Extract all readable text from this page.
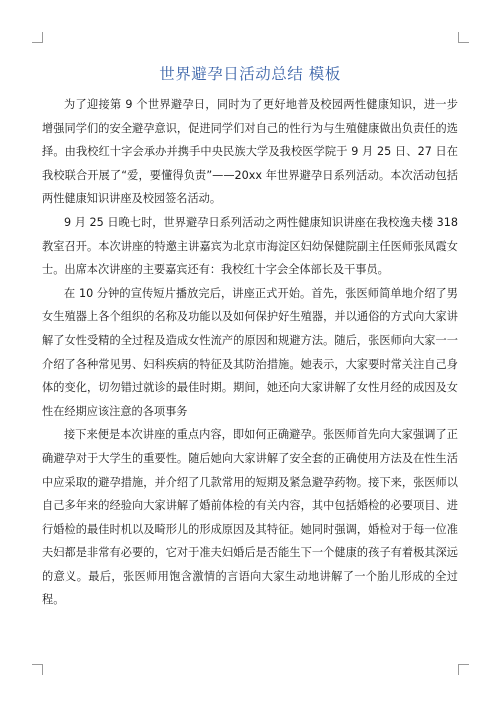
世界避孕日活动总结 模板

为了迎接第 9 个世界避孕日，同时为了更好地普及校园两性健康知识，进一步增强同学们的安全避孕意识，促进同学们对自己的性行为与生殖健康做出负责任的选择。由我校红十字会承办并携手中央民族大学及我校医学院于 9 月 25 日、27 日在我校联合开展了“爱，要懂得负责”——20xx 年世界避孕日系列活动。本次活动包括两性健康知识讲座及校园签名活动。

9 月 25 日晚七时，世界避孕日系列活动之两性健康知识讲座在我校逸夫楼 318 教室召开。本次讲座的特邀主讲嘉宾为北京市海淀区妇幼保健院副主任医师张凤霞女士。出席本次讲座的主要嘉宾还有：我校红十字会全体部长及干事员。

在 10 分钟的宣传短片播放完后，讲座正式开始。首先，张医师简单地介绍了男女生殖器上各个组织的名称及功能以及如何保护好生殖器，并以通俗的方式向大家讲解了女性受精的全过程及造成女性流产的原因和规避方法。随后，张医师向大家一一介绍了各种常见男、妇科疾病的特征及其防治措施。她表示，大家要时常关注自己身体的变化，切勿错过就诊的最佳时期。期间，她还向大家讲解了女性月经的成因及女性在经期应该注意的各项事务

接下来便是本次讲座的重点内容，即如何正确避孕。张医师首先向大家强调了正确避孕对于大学生的重要性。随后她向大家讲解了安全套的正确使用方法及在性生活中应采取的避孕措施，并介绍了几款常用的短期及紧急避孕药物。接下来，张医师以自己多年来的经验向大家讲解了婚前体检的有关内容，其中包括婚检的必要项目、进行婚检的最佳时机以及畸形儿的形成原因及其特征。她同时强调，婚检对于每一位准夫妇都是非常有必要的，它对于准夫妇婚后是否能生下一个健康的孩子有着极其深远的意义。最后，张医师用饱含激情的言语向大家生动地讲解了一个胎儿形成的全过程。
